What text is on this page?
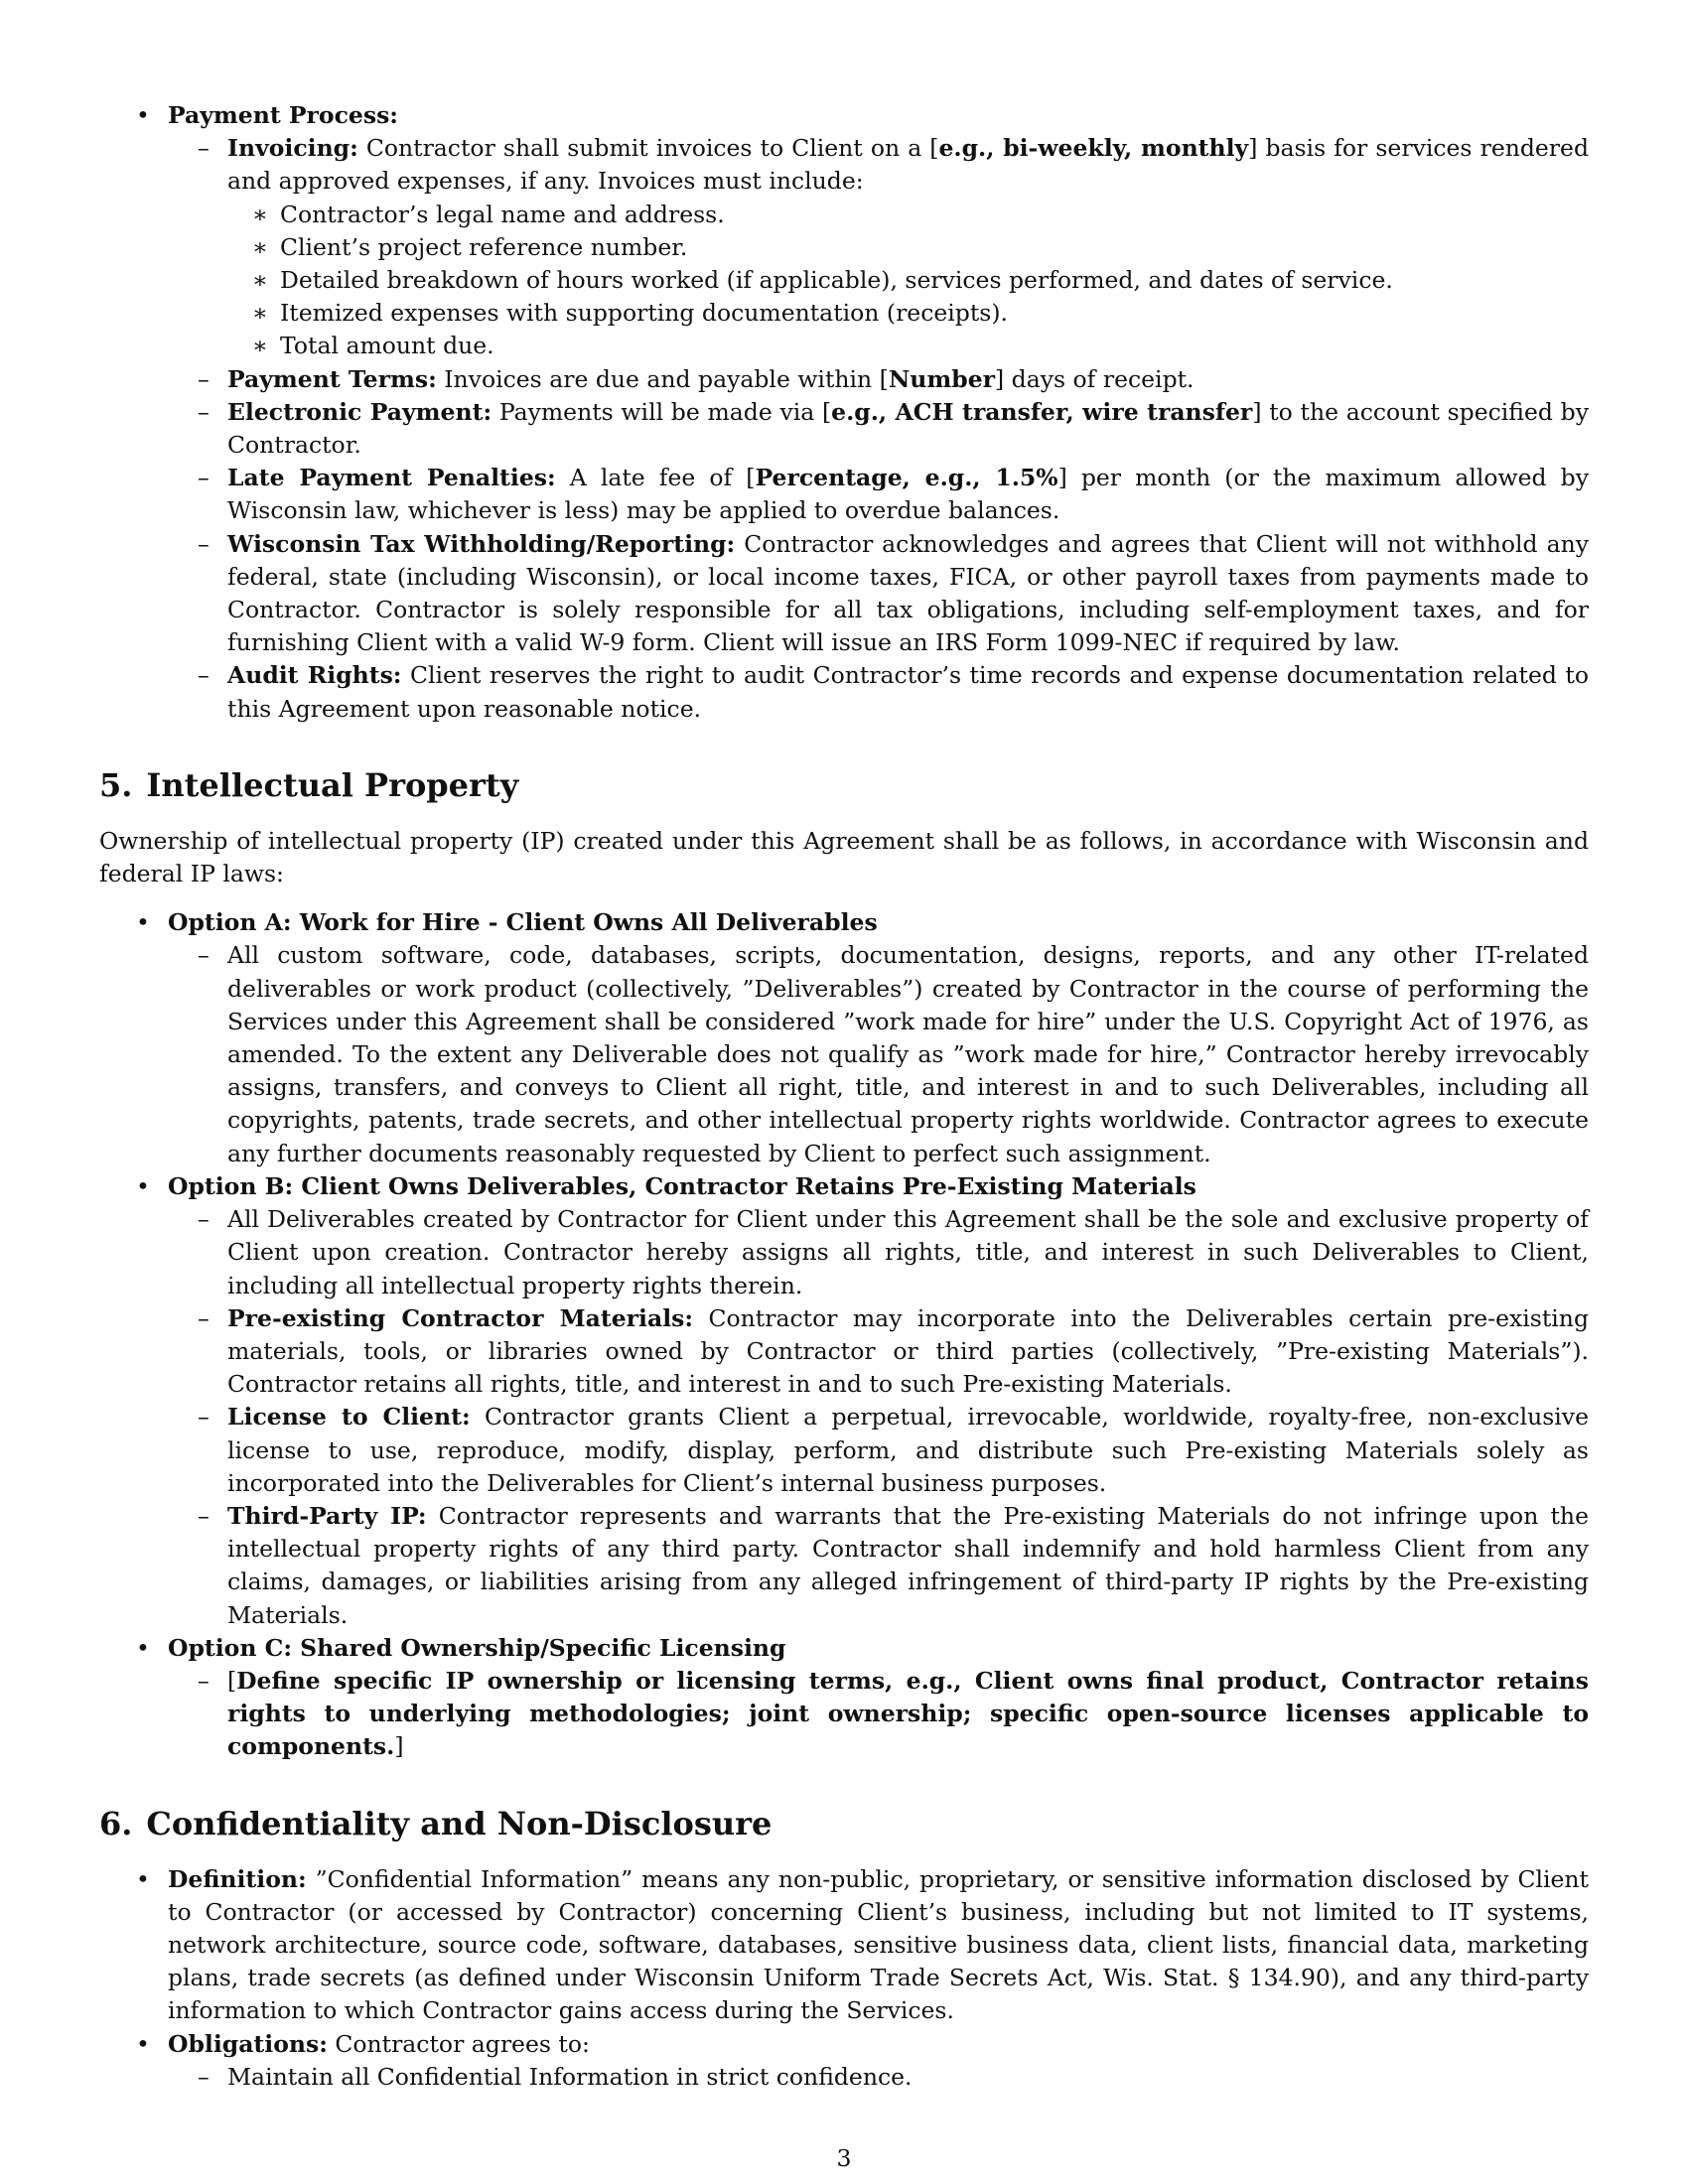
• Payment Process:
– Invoicing: Contractor shall submit invoices to Client on a [e.g., bi-weekly, monthly] basis for services rendered and approved expenses, if any. Invoices must include:
∗ Contractor’s legal name and address.
∗ Client’s project reference number.
∗ Detailed breakdown of hours worked (if applicable), services performed, and dates of service.
∗ Itemized expenses with supporting documentation (receipts).
∗ Total amount due.
– Payment Terms: Invoices are due and payable within [Number] days of receipt.
– Electronic Payment: Payments will be made via [e.g., ACH transfer, wire transfer] to the account specified by Contractor.
– Late Payment Penalties: A late fee of [Percentage, e.g., 1.5%] per month (or the maximum allowed by Wisconsin law, whichever is less) may be applied to overdue balances.
– Wisconsin Tax Withholding/Reporting: Contractor acknowledges and agrees that Client will not withhold any federal, state (including Wisconsin), or local income taxes, FICA, or other payroll taxes from payments made to Contractor. Contractor is solely responsible for all tax obligations, including self-employment taxes, and for furnishing Client with a valid W-9 form. Client will issue an IRS Form 1099-NEC if required by law.
– Audit Rights: Client reserves the right to audit Contractor’s time records and expense documentation related to this Agreement upon reasonable notice.
5. Intellectual Property

Ownership of intellectual property (IP) created under this Agreement shall be as follows, in accordance with Wisconsin and federal IP laws:

• Option A: Work for Hire - Client Owns All Deliverables
– All custom software, code, databases, scripts, documentation, designs, reports, and any other IT-related deliverables or work product (collectively, ”Deliverables”) created by Contractor in the course of performing the Services under this Agreement shall be considered ”work made for hire” under the U.S. Copyright Act of 1976, as amended. To the extent any Deliverable does not qualify as ”work made for hire,” Contractor hereby irrevocably assigns, transfers, and conveys to Client all right, title, and interest in and to such Deliverables, including all copyrights, patents, trade secrets, and other intellectual property rights worldwide. Contractor agrees to execute any further documents reasonably requested by Client to perfect such assignment.
• Option B: Client Owns Deliverables, Contractor Retains Pre-Existing Materials
– All Deliverables created by Contractor for Client under this Agreement shall be the sole and exclusive property of Client upon creation. Contractor hereby assigns all rights, title, and interest in such Deliverables to Client, including all intellectual property rights therein.
– Pre-existing Contractor Materials: Contractor may incorporate into the Deliverables certain pre-existing materials, tools, or libraries owned by Contractor or third parties (collectively, ”Pre-existing Materials”). Contractor retains all rights, title, and interest in and to such Pre-existing Materials.
– License to Client: Contractor grants Client a perpetual, irrevocable, worldwide, royalty-free, non-exclusive license to use, reproduce, modify, display, perform, and distribute such Pre-existing Materials solely as incorporated into the Deliverables for Client’s internal business purposes.
– Third-Party IP: Contractor represents and warrants that the Pre-existing Materials do not infringe upon the intellectual property rights of any third party. Contractor shall indemnify and hold harmless Client from any claims, damages, or liabilities arising from any alleged infringement of third-party IP rights by the Pre-existing Materials.
• Option C: Shared Ownership/Specific Licensing
– [Define specific IP ownership or licensing terms, e.g., Client owns final product, Contractor retains rights to underlying methodologies; joint ownership; specific open-source licenses applicable to components.]
6. Confidentiality and Non-Disclosure
• Definition: ”Confidential Information” means any non-public, proprietary, or sensitive information disclosed by Client to Contractor (or accessed by Contractor) concerning Client’s business, including but not limited to IT systems, network architecture, source code, software, databases, sensitive business data, client lists, financial data, marketing plans, trade secrets (as defined under Wisconsin Uniform Trade Secrets Act, Wis. Stat. § 134.90), and any third-party information to which Contractor gains access during the Services.
• Obligations: Contractor agrees to:
– Maintain all Confidential Information in strict confidence.
3
